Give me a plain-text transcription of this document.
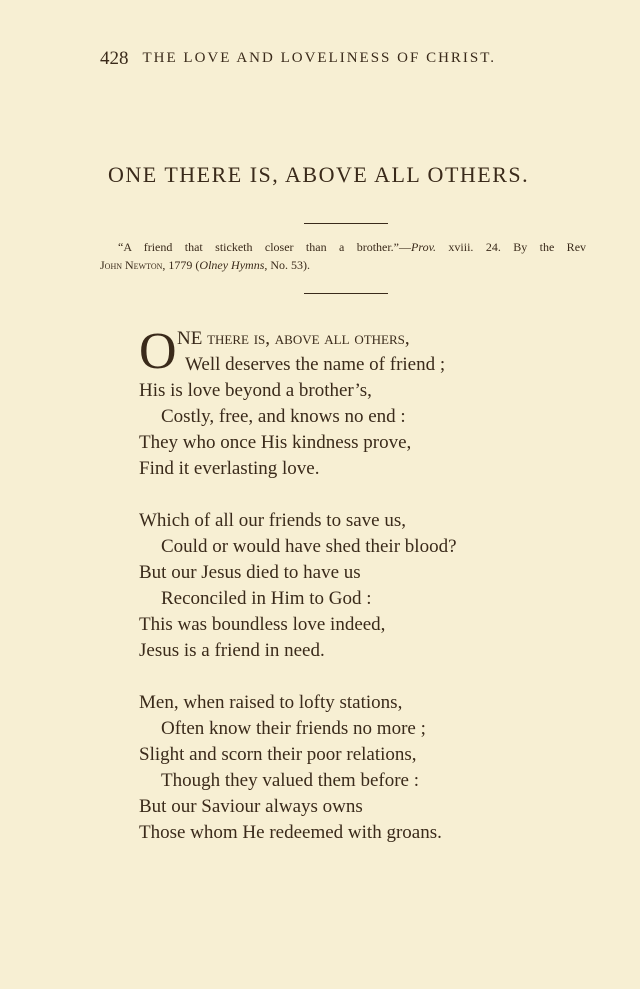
428 THE LOVE AND LOVELINESS OF CHRIST.
ONE THERE IS, ABOVE ALL OTHERS.
“A friend that sticketh closer than a brother.”—Prov. xviii. 24. By the Rev
John Newton, 1779 (Olney Hymns, No. 53).
O NE there is, above all others,
Well deserves the name of friend ;
His is love beyond a brother’s,
Costly, free, and knows no end :
They who once His kindness prove,
Find it everlasting love.
Which of all our friends to save us,
Could or would have shed their blood?
But our Jesus died to have us
Reconciled in Him to God :
This was boundless love indeed,
Jesus is a friend in need.
Men, when raised to lofty stations,
Often know their friends no more ;
Slight and scorn their poor relations,
Though they valued them before :
But our Saviour always owns
Those whom He redeemed with groans.
